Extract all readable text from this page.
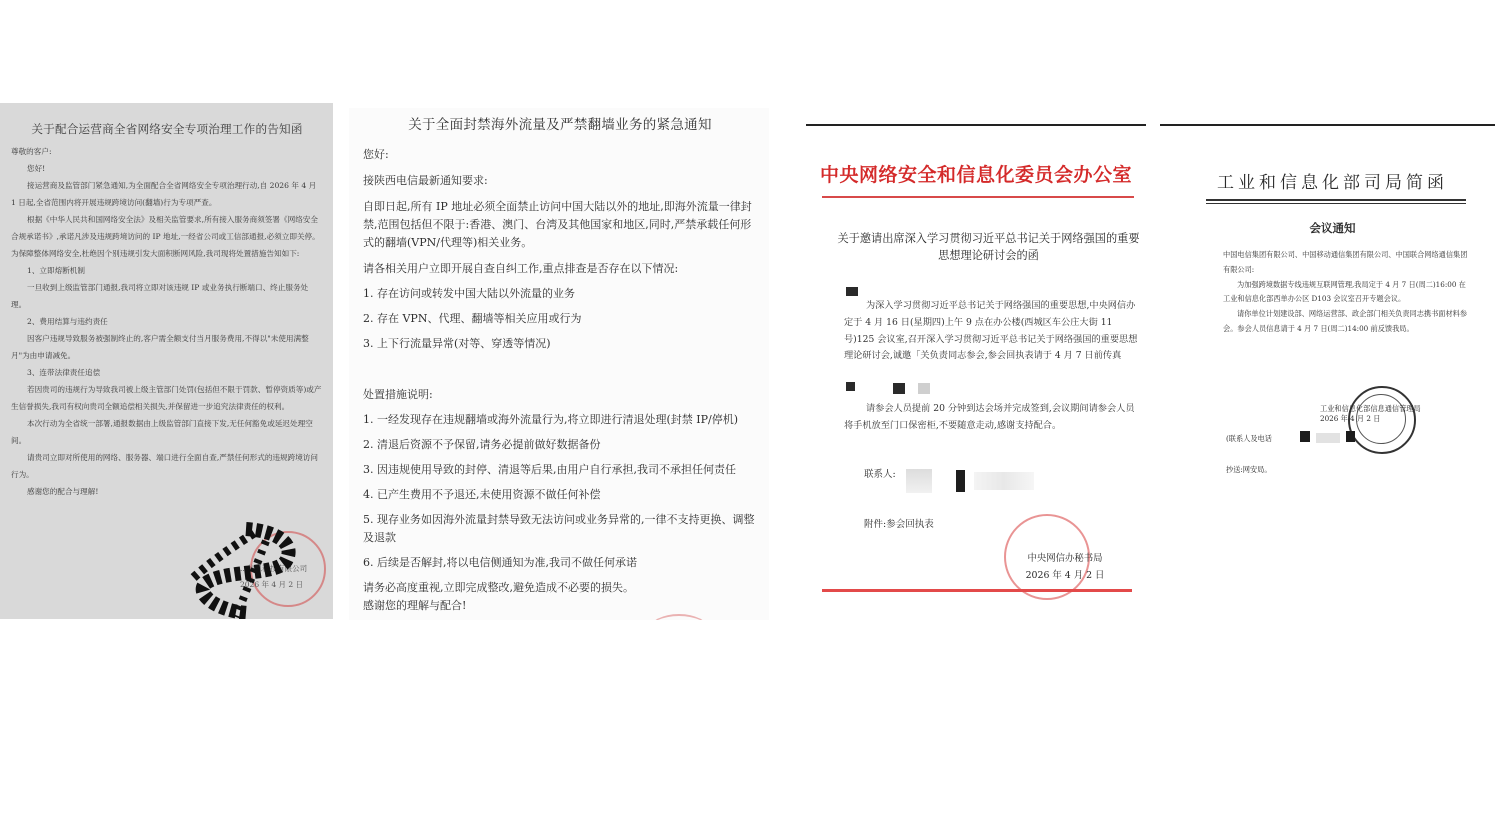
关于配合运营商全省网络安全专项治理工作的告知函

尊敬的客户:

您好!

接运营商及监管部门紧急通知,为全面配合全省网络安全专项治理行动,自 2026 年 4 月 1 日起,全省范围内将开展违规跨境访问(翻墙)行为专项严查。

根据《中华人民共和国网络安全法》及相关监管要求,所有接入服务商须签署《网络安全合规承诺书》,承诺凡涉及违规跨境访问的 IP 地址,一经省公司或工信部通报,必须立即关停。为保障整体网络安全,杜绝因个别违规引发大面积断网风险,我司现将处置措施告知如下:

1、立即熔断机制

一旦收到上级监管部门通报,我司将立即对该违规 IP 或业务执行断端口、终止服务处理。

2、费用结算与违约责任

因客户违规导致服务被强制终止的,客户需全额支付当月服务费用,不得以"未使用满整月"为由申请减免。

3、连带法律责任追偿

若因贵司的违规行为导致我司被上级主管部门处罚(包括但不限于罚款、暂停资质等)或产生信誉损失,我司有权向贵司全额追偿相关损失,并保留进一步追究法律责任的权利。

本次行动为全省统一部署,通报数据由上级监管部门直接下发,无任何豁免或延迟处理空间。

请贵司立即对所使用的网络、服务器、端口进行全面自查,严禁任何形式的违规跨境访问行为。

感谢您的配合与理解!

...信息科技有限公司
2026 年 4 月 2 日

关于全面封禁海外流量及严禁翻墙业务的紧急通知

您好:

接陕西电信最新通知要求:

自即日起,所有 IP 地址必须全面禁止访问中国大陆以外的地址,即海外流量一律封禁,范围包括但不限于:香港、澳门、台湾及其他国家和地区,同时,严禁承载任何形式的翻墙(VPN/代理等)相关业务。

请各相关用户立即开展自查自纠工作,重点排查是否存在以下情况:

1. 存在访问或转发中国大陆以外流量的业务

2. 存在 VPN、代理、翻墙等相关应用或行为

3. 上下行流量异常(对等、穿透等情况)

处置措施说明:

1. 一经发现存在违规翻墙或海外流量行为,将立即进行清退处理(封禁 IP/停机)

2. 清退后资源不予保留,请务必提前做好数据备份

3. 因违规使用导致的封停、清退等后果,由用户自行承担,我司不承担任何责任

4. 已产生费用不予退还,未使用资源不做任何补偿

5. 现存业务如因海外流量封禁导致无法访问或业务异常的,一律不支持更换、调整及退款

6. 后续是否解封,将以电信侧通知为准,我司不做任何承诺

请务必高度重视,立即完成整改,避免造成不必要的损失。

感谢您的理解与配合!

中央网络安全和信息化委员会办公室
关于邀请出席深入学习贯彻习近平总书记关于网络强国的重要思想理论研讨会的函

为深入学习贯彻习近平总书记关于网络强国的重要思想,中央网信办定于 4 月 16 日(星期四)上午 9 点在办公楼(西城区车公庄大街 11 号)125 会议室,召开深入学习贯彻习近平总书记关于网络强国的重要思想理论研讨会,诚邀「关负责同志参会,参会回执表请于 4 月 7 日前传真

请参会人员提前 20 分钟到达会场并完成签到,会议期间请参会人员将手机放至门口保密柜,不要随意走动,感谢支持配合。

联系人:
附件:参会回执表
中央网信办秘书局
2026 年 4 月 2 日
工业和信息化部司局简函
会议通知

中国电信集团有限公司、中国移动通信集团有限公司、中国联合网络通信集团有限公司:

为加强跨境数据专线违规互联网管理,我局定于 4 月 7 日(周二)16:00 在工业和信息化部西单办公区 D103 会议室召开专题会议。

请你单位计划建设部、网络运营部、政企部门相关负责同志携书面材料参会。参会人员信息请于 4 月 7 日(周二)14:00 前反馈我局。

工业和信息化部信息通信管理局
2026 年 4 月 2 日
(联系人及电话
抄送:网安局。
